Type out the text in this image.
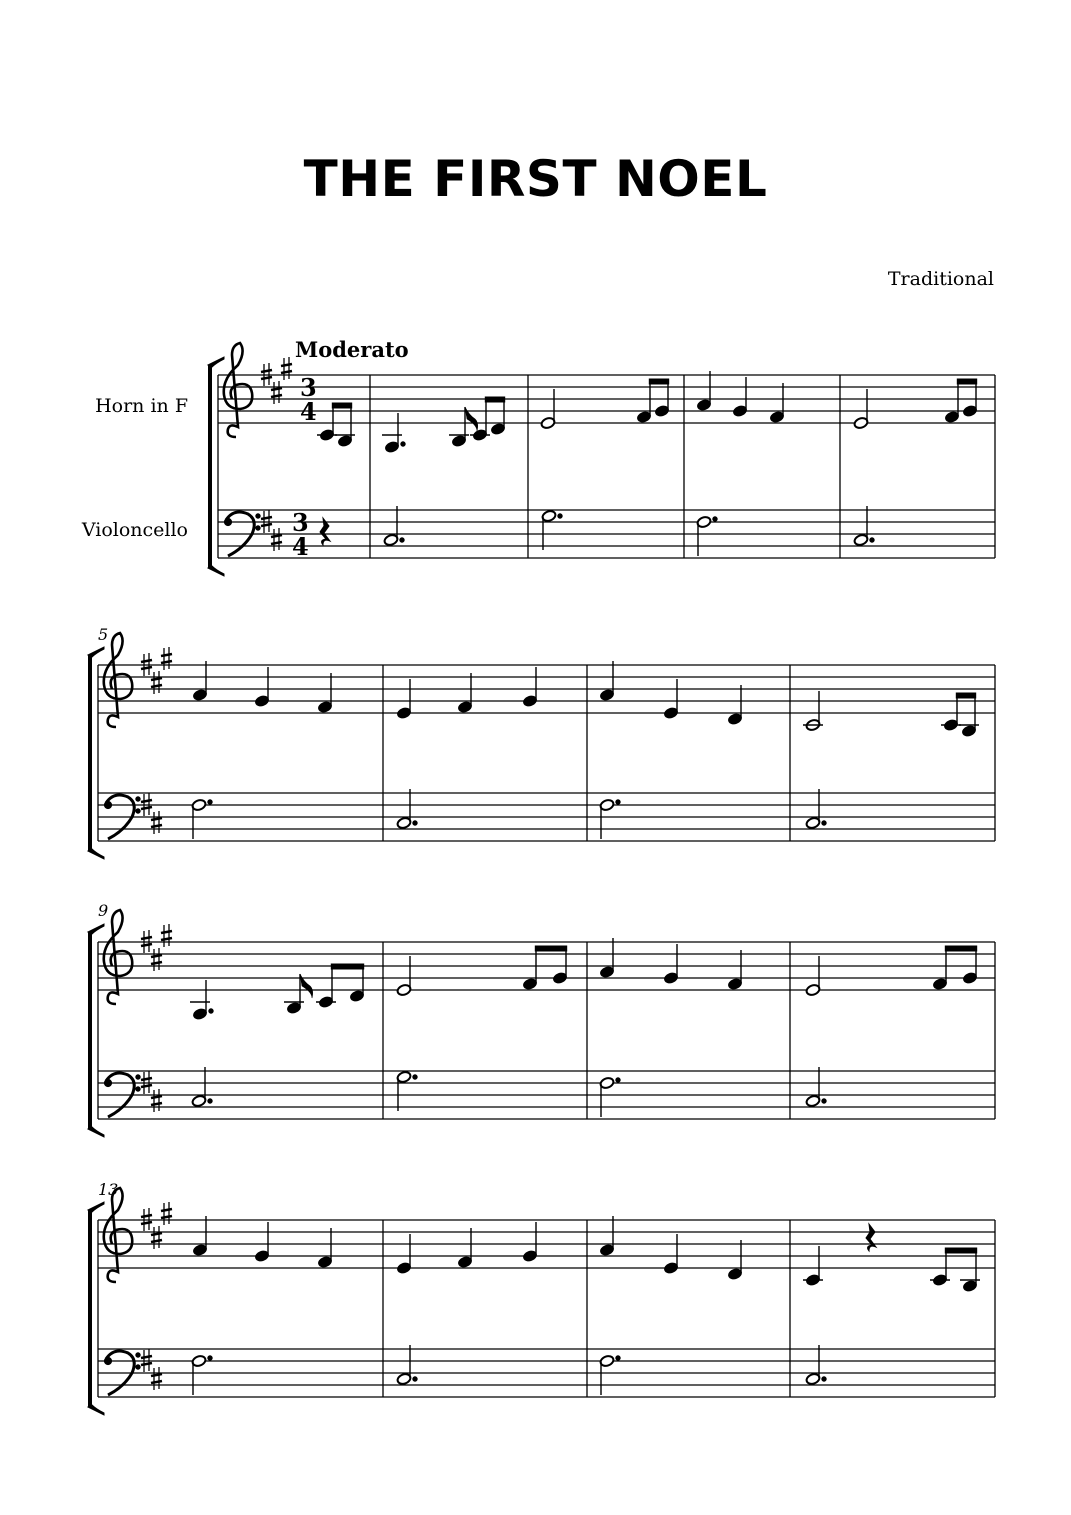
THE FIRST NOEL
Traditional
Moderato
Horn in F
Violoncello
3
4
3
4
5
9
13
